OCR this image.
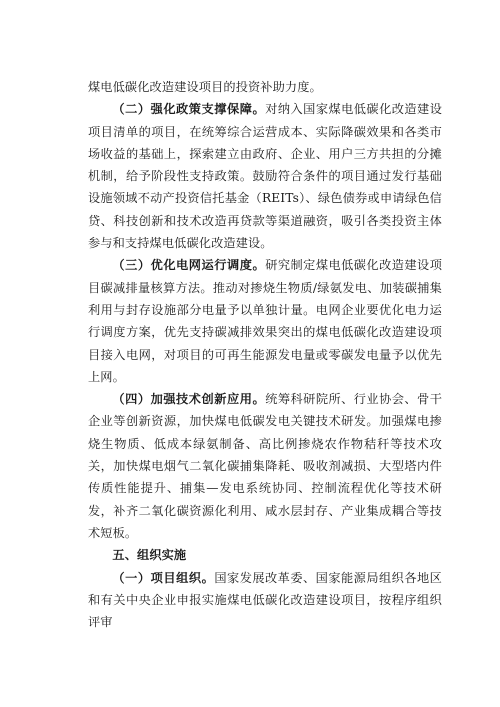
煤电低碳化改造建设项目的投资补助力度。

（二）强化政策支撑保障。对纳入国家煤电低碳化改造建设项目清单的项目，在统筹综合运营成本、实际降碳效果和各类市场收益的基础上，探索建立由政府、企业、用户三方共担的分摊机制，给予阶段性支持政策。鼓励符合条件的项目通过发行基础设施领域不动产投资信托基金（REITs）、绿色债券或申请绿色信贷、科技创新和技术改造再贷款等渠道融资，吸引各类投资主体参与和支持煤电低碳化改造建设。

（三）优化电网运行调度。研究制定煤电低碳化改造建设项目碳减排量核算方法。推动对掺烧生物质/绿氨发电、加装碳捕集利用与封存设施部分电量予以单独计量。电网企业要优化电力运行调度方案，优先支持碳减排效果突出的煤电低碳化改造建设项目接入电网，对项目的可再生能源发电量或零碳发电量予以优先上网。

（四）加强技术创新应用。统筹科研院所、行业协会、骨干企业等创新资源，加快煤电低碳发电关键技术研发。加强煤电掺烧生物质、低成本绿氨制备、高比例掺烧农作物秸秆等技术攻关，加快煤电烟气二氧化碳捕集降耗、吸收剂减损、大型塔内件传质性能提升、捕集—发电系统协同、控制流程优化等技术研发，补齐二氧化碳资源化利用、咸水层封存、产业集成耦合等技术短板。

五、组织实施

（一）项目组织。国家发展改革委、国家能源局组织各地区和有关中央企业申报实施煤电低碳化改造建设项目，按程序组织评审
